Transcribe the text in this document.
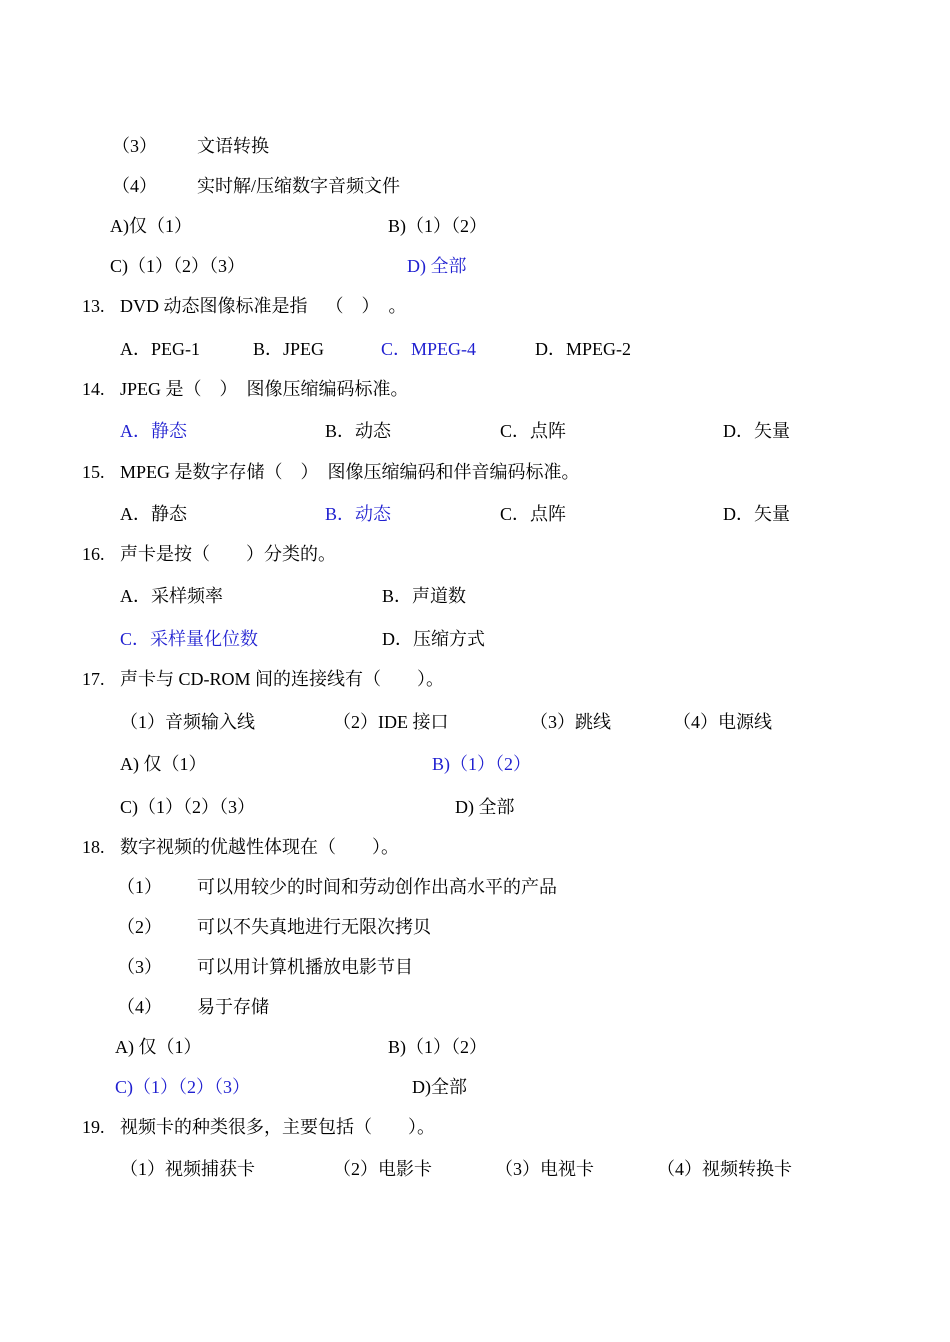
（3） 文语转换
（4） 实时解/压缩数字音频文件
A)仅（1）	B)（1）（2）
C)（1）（2）（3）	D) 全部
13. DVD 动态图像标准是指    （    ）  。
A．PEG-1	B．JPEG	C．MPEG-4	D．MPEG-2
14. JPEG 是（    ）  图像压缩编码标准。
A．静态	B．动态	C．点阵	D．矢量
15. MPEG 是数字存储（    ）  图像压缩编码和伴音编码标准。
A．静态	B．动态	C．点阵	D．矢量
16. 声卡是按（        ）分类的。
A．采样频率	B．声道数
C．采样量化位数	D．压缩方式
17. 声卡与 CD-ROM 间的连接线有（        ）。
（1）音频输入线	（2）IDE 接口	（3）跳线	（4）电源线
A) 仅（1）	B)（1）（2）
C)（1）（2）（3）	D) 全部
18. 数字视频的优越性体现在（        ）。
（1） 可以用较少的时间和劳动创作出高水平的产品
（2） 可以不失真地进行无限次拷贝
（3） 可以用计算机播放电影节目
（4） 易于存储
A) 仅（1）	B)（1）（2）
C)（1）（2）（3）	D)全部
19. 视频卡的种类很多，主要包括（        ）。
（1）视频捕获卡	（2）电影卡	（3）电视卡	（4）视频转换卡
